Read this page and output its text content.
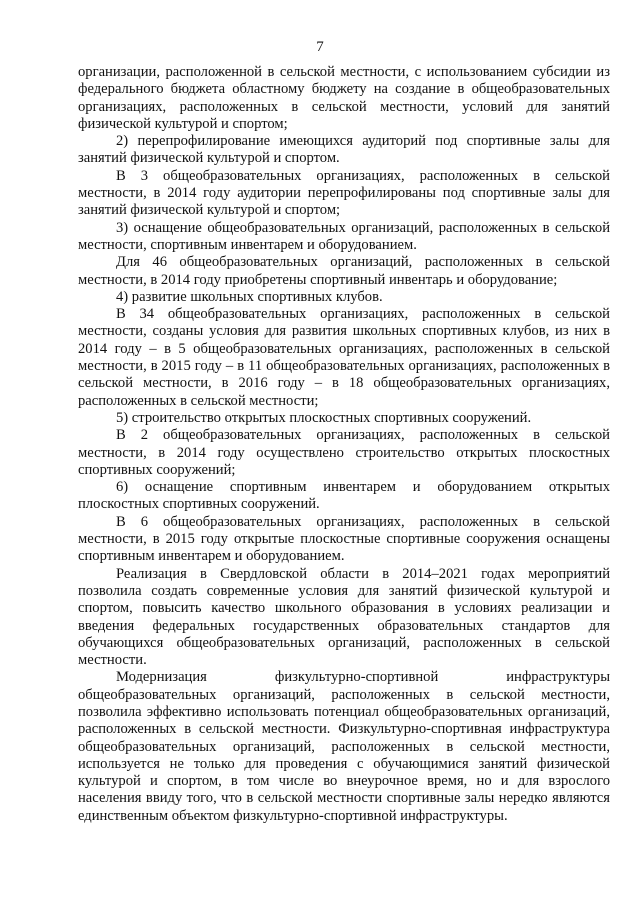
7

организации, расположенной в сельской местности, с использованием субсидии из федерального бюджета областному бюджету на создание в общеобразовательных организациях, расположенных в сельской местности, условий для занятий физической культурой и спортом;

2) перепрофилирование имеющихся аудиторий под спортивные залы для занятий физической культурой и спортом.

В 3 общеобразовательных организациях, расположенных в сельской местности, в 2014 году аудитории перепрофилированы под спортивные залы для занятий физической культурой и спортом;

3) оснащение общеобразовательных организаций, расположенных в сельской местности, спортивным инвентарем и оборудованием.

Для 46 общеобразовательных организаций, расположенных в сельской местности, в 2014 году приобретены спортивный инвентарь и оборудование;

4) развитие школьных спортивных клубов.

В 34 общеобразовательных организациях, расположенных в сельской местности, созданы условия для развития школьных спортивных клубов, из них в 2014 году – в 5 общеобразовательных организациях, расположенных в сельской местности, в 2015 году – в 11 общеобразовательных организациях, расположенных в сельской местности, в 2016 году – в 18 общеобразовательных организациях, расположенных в сельской местности;

5) строительство открытых плоскостных спортивных сооружений.

В 2 общеобразовательных организациях, расположенных в сельской местности, в 2014 году осуществлено строительство открытых плоскостных спортивных сооружений;

6) оснащение спортивным инвентарем и оборудованием открытых плоскостных спортивных сооружений.

В 6 общеобразовательных организациях, расположенных в сельской местности, в 2015 году открытые плоскостные спортивные сооружения оснащены спортивным инвентарем и оборудованием.

Реализация в Свердловской области в 2014–2021 годах мероприятий позволила создать современные условия для занятий физической культурой и спортом, повысить качество школьного образования в условиях реализации и введения федеральных государственных образовательных стандартов для обучающихся общеобразовательных организаций, расположенных в сельской местности.

Модернизация физкультурно-спортивной инфраструктуры общеобразовательных организаций, расположенных в сельской местности, позволила эффективно использовать потенциал общеобразовательных организаций, расположенных в сельской местности. Физкультурно-спортивная инфраструктура общеобразовательных организаций, расположенных в сельской местности, используется не только для проведения с обучающимися занятий физической культурой и спортом, в том числе во внеурочное время, но и для взрослого населения ввиду того, что в сельской местности спортивные залы нередко являются единственным объектом физкультурно-спортивной инфраструктуры.
